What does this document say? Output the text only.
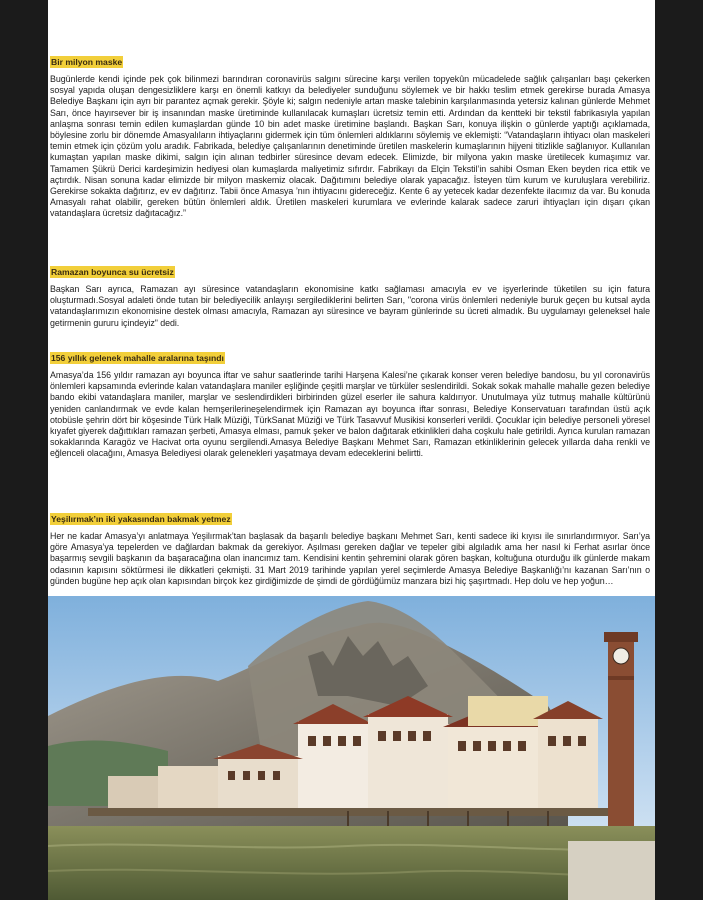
Bir milyon maske

Bugünlerde kendi içinde pek çok bilinmezi barındıran coronavirüs salgını sürecine karşı verilen topyekûn mücadelede sağlık çalışanları başı çekerken sosyal yapıda oluşan dengesizliklere karşı en önemli katkıyı da belediyeler sunduğunu söylemek ve bir hakkı teslim etmek gerekirse burada Amasya Belediye Başkanı için ayrı bir parantez açmak gerekir. Şöyle ki; salgın nedeniyle artan maske talebinin karşılanmasında yetersiz kalınan günlerde Mehmet Sarı, önce hayırsever bir iş insanından maske üretiminde kullanılacak kumaşları ücretsiz temin etti. Ardından da kentteki bir tekstil fabrikasıyla yapılan anlaşma sonrası temin edilen kumaşlardan günde 10 bin adet maske üretimine başlandı. Başkan Sarı, konuya ilişkin o günlerde yaptığı açıklamada, böylesine zorlu bir dönemde Amasyalıların ihtiyaçlarını gidermek için tüm önlemleri aldıklarını söylemiş ve eklemişti: “Vatandaşların ihtiyacı olan maskeleri temin etmek için çözüm yolu aradık. Fabrikada, belediye çalışanlarının denetiminde üretilen maskelerin kumaşlarının hijyeni titizlikle sağlanıyor. Kullanılan kumaştan yapılan maske dikimi, salgın için alınan tedbirler süresince devam edecek. Elimizde, bir milyona yakın maske üretilecek kumaşımız var. Tamamen Şükrü Derici kardeşimizin hediyesi olan kumaşlarda maliyetimiz sıfırdır. Fabrikayı da Elçin Tekstil’in sahibi Osman Eken beyden rica ettik ve açtırdık. Nisan sonuna kadar elimizde bir milyon maskemiz olacak. Dağıtımını belediye olarak yapacağız. İsteyen tüm kurum ve kuruluşlara verebiliriz. Gerekirse sokakta dağıtırız, ev ev dağıtırız. Tabii önce Amasya ’nın ihtiyacını gidereceğiz. Kente 6 ay yetecek kadar dezenfekte ilacımız da var. Bu konuda Amasyalı rahat olabilir, gereken bütün önlemleri aldık. Üretilen maskeleri kurumlara ve evlerinde kalarak sadece zaruri ihtiyaçları için dışarı çıkan vatandaşlara ücretsiz dağıtacağız.”

Ramazan boyunca su ücretsiz

Başkan Sarı ayrıca, Ramazan ayı süresince vatandaşların ekonomisine katkı sağlaması amacıyla ev ve işyerlerinde tüketilen su için fatura oluşturmadı.Sosyal adaleti önde tutan bir belediyecilik anlayışı sergilediklerini belirten Sarı, "corona virüs önlemleri nedeniyle buruk geçen bu kutsal ayda vatandaşlarımızın ekonomisine destek olması amacıyla, Ramazan ayı süresince ve bayram günlerinde su ücreti almadık. Bu uygulamayı geleneksel hale getirmenin gururu içindeyiz" dedi.

156 yıllık gelenek mahalle aralarına taşındı

Amasya’da 156 yıldır ramazan ayı boyunca iftar ve sahur saatlerinde tarihi Harşena Kalesi’ne çıkarak konser veren belediye bandosu, bu yıl coronavirüs önlemleri kapsamında evlerinde kalan vatandaşlara maniler eşliğinde çeşitli marşlar ve türküler seslendirildi. Sokak sokak mahalle mahalle gezen belediye bando ekibi vatandaşlara maniler, marşlar ve seslendirdikleri birbirinden güzel eserler ile sahura kaldırıyor. Unutulmaya yüz tutmuş mahalle kültürünü yeniden canlandırmak ve evde kalan hemşerilerineşelendirmek için Ramazan ayı boyunca iftar sonrası, Belediye Konservatuarı tarafından üstü açık otobüsle şehrin dört bir köşesinde Türk Halk Müziği, TürkSanat Müziği ve Türk Tasavvuf Musikisi konserleri verildi. Çocuklar için belediye personeli yöresel kıyafet giyerek dağıttıkları ramazan şerbeti, Amasya elması, pamuk şeker ve balon dağıtarak etkinlikleri daha coşkulu hale getirildi. Ayrıca kurulan ramazan sokaklarında Karagöz ve Hacivat orta oyunu sergilendi.Amasya Belediye Başkanı Mehmet Sarı, Ramazan etkinliklerinin gelecek yıllarda daha renkli ve eğlenceli olacağını, Amasya Belediyesi olarak gelenekleri yaşatmaya devam edeceklerini belirtti.

Yeşilırmak’ın iki yakasından bakmak yetmez

Her ne kadar Amasya’yı anlatmaya Yeşilırmak’tan başlasak da başarılı belediye başkanı Mehmet Sarı, kenti sadece iki kıyısı ile sınırlandırmıyor. Sarı’ya göre Amasya’ya tepelerden ve dağlardan bakmak da gerekiyor. Aşılması gereken dağlar ve tepeler gibi algıladık ama her nasıl ki Ferhat asırlar önce başarmış sevgili başkanın da başaracağına olan inancımız tam. Kendisini kentin şehremini olarak gören başkan, koltuğuna oturduğu ilk günlerde makam odasının kapısını söktürmesi ile dikkatleri çekmişti. 31 Mart 2019 tarihinde yapılan yerel seçimlerde Amasya Belediye Başkanlığı’nı kazanan Sarı’nın o günden bugüne hep açık olan kapısından birçok kez girdiğimizde de şimdi de gördüğümüz manzara bizi hiç şaşırtmadı. Hep dolu ve hep yoğun…
